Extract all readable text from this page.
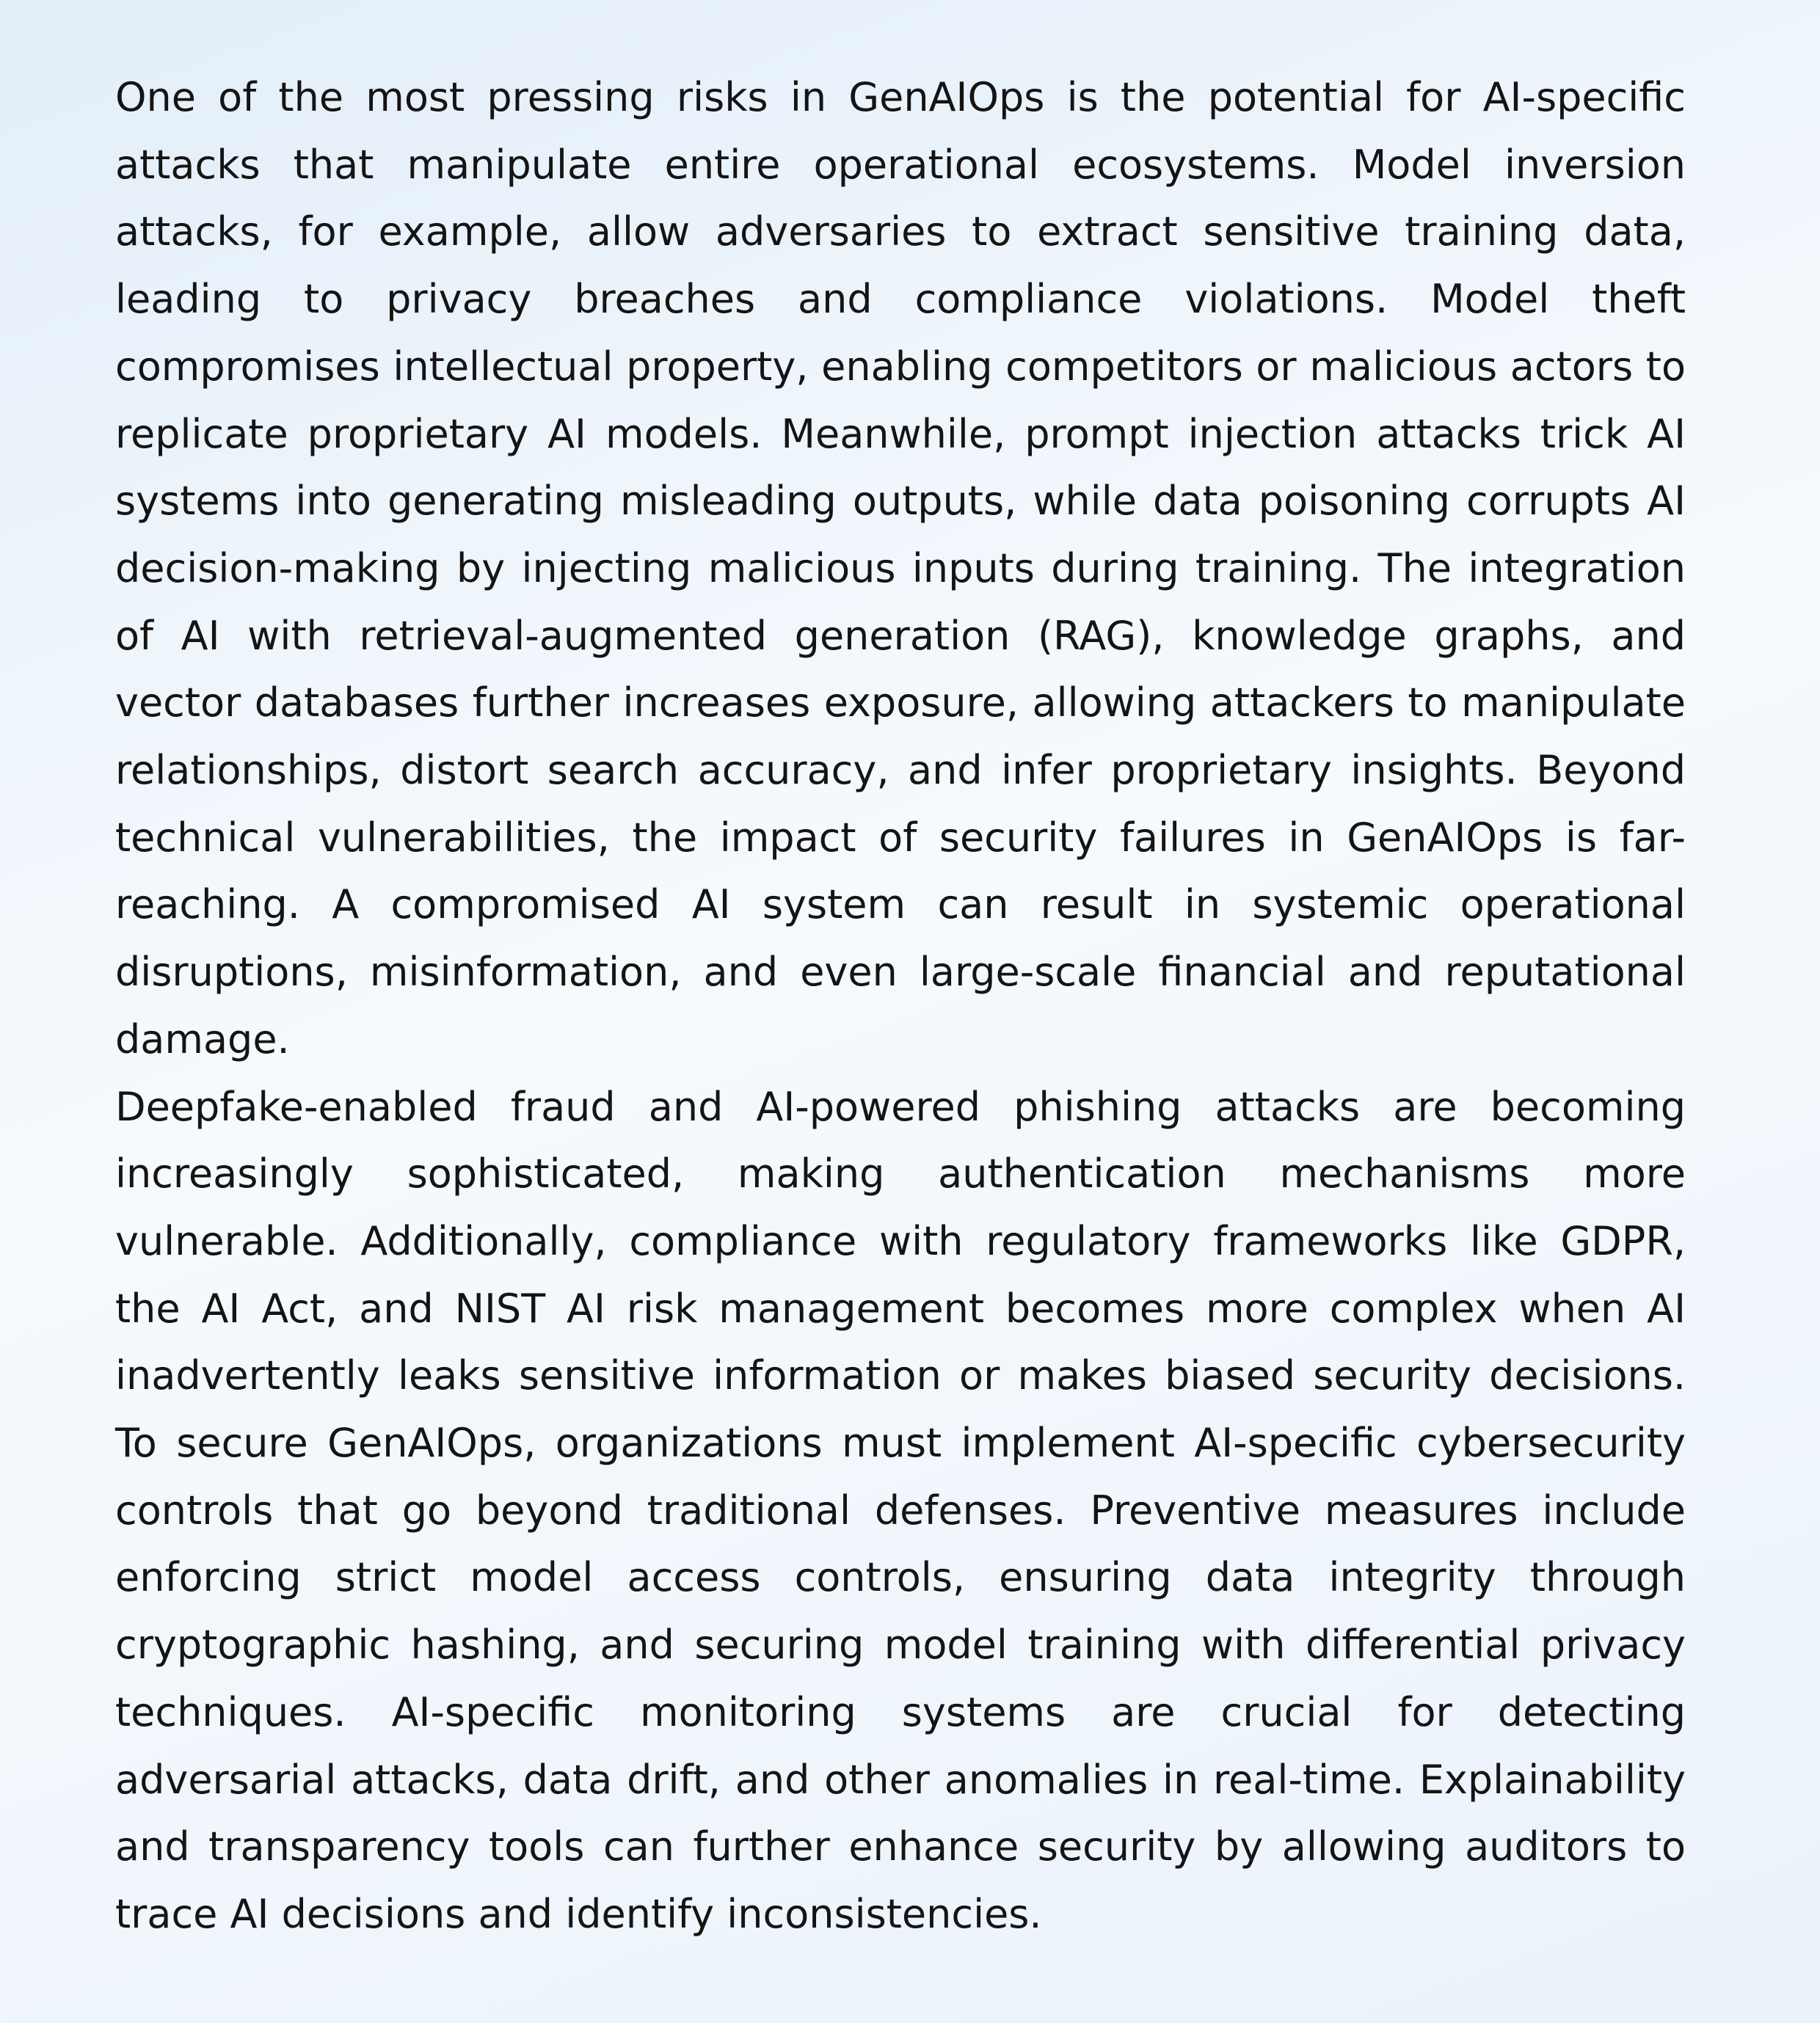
One of the most pressing risks in GenAIOps is the potential for AI-specific attacks that manipulate entire operational ecosystems. Model inversion attacks, for example, allow adversaries to extract sensitive training data, leading to privacy breaches and compliance violations. Model theft compromises intellectual property, enabling competitors or malicious actors to replicate proprietary AI models. Meanwhile, prompt injection attacks trick AI systems into generating misleading outputs, while data poisoning corrupts AI decision-making by injecting malicious inputs during training. The integration of AI with retrieval-augmented generation (RAG), knowledge graphs, and vector databases further increases exposure, allowing attackers to manipulate relationships, distort search accuracy, and infer proprietary insights. Beyond technical vulnerabilities, the impact of security failures in GenAIOps is far-reaching. A compromised AI system can result in systemic operational disruptions, misinformation, and even large-scale financial and reputational damage.

Deepfake-enabled fraud and AI-powered phishing attacks are becoming increasingly sophisticated, making authentication mechanisms more vulnerable. Additionally, compliance with regulatory frameworks like GDPR, the AI Act, and NIST AI risk management becomes more complex when AI inadvertently leaks sensitive information or makes biased security decisions. To secure GenAIOps, organizations must implement AI-specific cybersecurity controls that go beyond traditional defenses. Preventive measures include enforcing strict model access controls, ensuring data integrity through cryptographic hashing, and securing model training with differential privacy techniques. AI-specific monitoring systems are crucial for detecting adversarial attacks, data drift, and other anomalies in real-time. Explainability and transparency tools can further enhance security by allowing auditors to trace AI decisions and identify inconsistencies.
